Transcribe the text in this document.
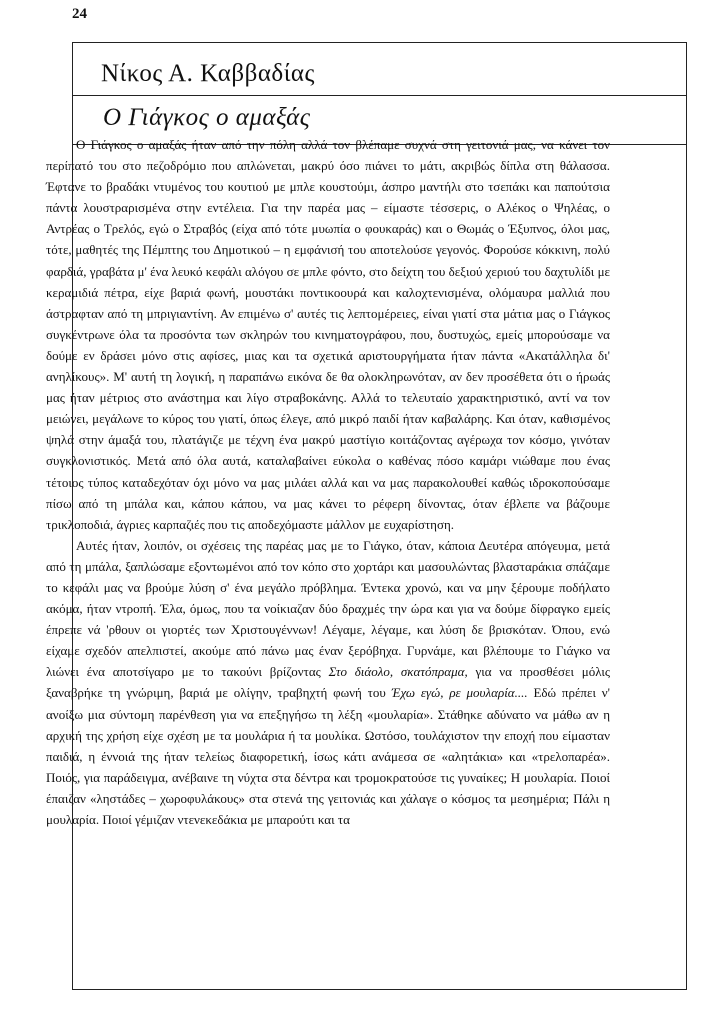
24
Νίκος Α. Καββαδίας
Ο Γιάγκος ο αμαξάς

Ο Γιάγκος ο αμαξάς ήταν από την πόλη αλλά τον βλέπαμε συχνά στη γειτονιά μας, να κάνει τον περίπατό του στο πεζοδρόμιο που απλώνεται, μακρύ όσο πιάνει το μάτι, ακριβώς δίπλα στη θάλασσα. Έφτανε το βραδάκι ντυμένος του κουτιού με μπλε κουστούμι, άσπρο μαντήλι στο τσεπάκι και παπούτσια πάντα λουστραρισμένα στην εντέλεια. Για την παρέα μας – είμαστε τέσσερις, ο Αλέκος ο Ψηλέας, ο Αντρέας ο Τρελός, εγώ ο Στραβός (είχα από τότε μυωπία ο φουκαράς) και ο Θωμάς ο Έξυπνος, όλοι μας, τότε, μαθητές της Πέμπτης του Δημοτικού – η εμφάνισή του αποτελούσε γεγονός. Φορούσε κόκκινη, πολύ φαρδιά, γραβάτα μ' ένα λευκό κεφάλι αλόγου σε μπλε φόντο, στο δείχτη του δεξιού χεριού του δαχτυλίδι με κεραμιδιά πέτρα, είχε βαριά φωνή, μουστάκι ποντικοουρά και καλοχτενισμένα, ολόμαυρα μαλλιά που άστραφταν από τη μπριγιαντίνη. Αν επιμένω σ' αυτές τις λεπτομέρειες, είναι γιατί στα μάτια μας ο Γιάγκος συγκέντρωνε όλα τα προσόντα των σκληρών του κινηματογράφου, που, δυστυχώς, εμείς μπορούσαμε να δούμε εν δράσει μόνο στις αφίσες, μιας και τα σχετικά αριστουργήματα ήταν πάντα «Ακατάλληλα δι' ανηλίκους». Μ' αυτή τη λογική, η παραπάνω εικόνα δε θα ολοκληρωνόταν, αν δεν προσέθετα ότι ο ήρωάς μας ήταν μέτριος στο ανάστημα και λίγο στραβοκάνης. Αλλά το τελευταίο χαρακτηριστικό, αντί να τον μειώνει, μεγάλωνε το κύρος του γιατί, όπως έλεγε, από μικρό παιδί ήταν καβαλάρης. Και όταν, καθισμένος ψηλά στην άμαξά του, πλατάγιζε με τέχνη ένα μακρύ μαστίγιο κοιτάζοντας αγέρωχα τον κόσμο, γινόταν συγκλονιστικός. Μετά από όλα αυτά, καταλαβαίνει εύκολα ο καθένας πόσο καμάρι νιώθαμε που ένας τέτοιος τύπος καταδεχόταν όχι μόνο να μας μιλάει αλλά και να μας παρακολουθεί καθώς ιδροκοπούσαμε πίσω από τη μπάλα και, κάπου κάπου, να μας κάνει το ρέφερη δίνοντας, όταν έβλεπε να βάζουμε τρικλοποδιά, άγριες καρπαζιές που τις αποδεχόμαστε μάλλον με ευχαρίστηση.

Αυτές ήταν, λοιπόν, οι σχέσεις της παρέας μας με το Γιάγκο, όταν, κάποια Δευτέρα απόγευμα, μετά από τη μπάλα, ξαπλώσαμε εξοντωμένοι από τον κόπο στο χορτάρι και μασουλώντας βλασταράκια σπάζαμε το κεφάλι μας να βρούμε λύση σ' ένα μεγάλο πρόβλημα. Έντεκα χρονώ, και να μην ξέρουμε ποδήλατο ακόμα, ήταν ντροπή. Έλα, όμως, που τα νοίκιαζαν δύο δραχμές την ώρα και για να δούμε δίφραγκο εμείς έπρεπε νά 'ρθουν οι γιορτές των Χριστουγέννων! Λέγαμε, λέγαμε, και λύση δε βρισκόταν. Όπου, ενώ είχαμε σχεδόν απελπιστεί, ακούμε από πάνω μας έναν ξερόβηχα. Γυρνάμε, και βλέπουμε το Γιάγκο να λιώνει ένα αποτσίγαρο με το τακούνι βρίζοντας Στο διάολο, σκατόπραμα, για να προσθέσει μόλις ξαναβρήκε τη γνώριμη, βαριά με ολίγην, τραβηχτή φωνή του Έχω εγώ, ρε μουλαρία.... Εδώ πρέπει ν' ανοίξω μια σύντομη παρένθεση για να επεξηγήσω τη λέξη «μουλαρία». Στάθηκε αδύνατο να μάθω αν η αρχική της χρήση είχε σχέση με τα μουλάρια ή τα μουλίκα. Ωστόσο, τουλάχιστον την εποχή που είμασταν παιδιά, η έννοιά της ήταν τελείως διαφορετική, ίσως κάτι ανάμεσα σε «αλητάκια» και «τρελοπαρέα». Ποιός, για παράδειγμα, ανέβαινε τη νύχτα στα δέντρα και τρομοκρατούσε τις γυναίκες; Η μουλαρία. Ποιοί έπαιζαν «ληστάδες – χωροφυλάκους» στα στενά της γειτονιάς και χάλαγε ο κόσμος τα μεσημέρια; Πάλι η μουλαρία. Ποιοί γέμιζαν ντενεκεδάκια με μπαρούτι και τα
